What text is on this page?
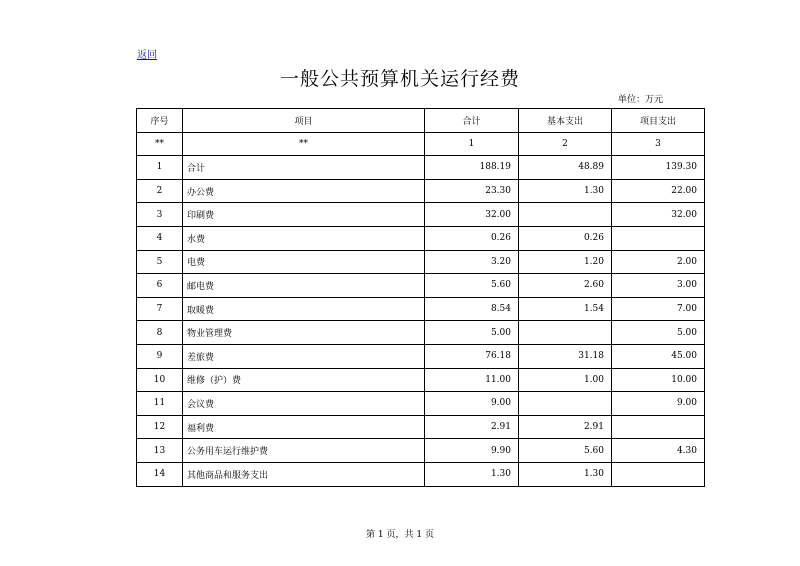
返回
一般公共预算机关运行经费
单位：万元
序号	项目	合计	基本支出	项目支出
**	**	1	2	3
1	合计	188.19	48.89	139.30
2	办公费	23.30	1.30	22.00
3	印刷费	32.00		32.00
4	水费	0.26	0.26	
5	电费	3.20	1.20	2.00
6	邮电费	5.60	2.60	3.00
7	取暖费	8.54	1.54	7.00
8	物业管理费	5.00		5.00
9	差旅费	76.18	31.18	45.00
10	维修（护）费	11.00	1.00	10.00
11	会议费	9.00		9.00
12	福利费	2.91	2.91	
13	公务用车运行维护费	9.90	5.60	4.30
14	其他商品和服务支出	1.30	1.30	
第 1 页，共 1 页
